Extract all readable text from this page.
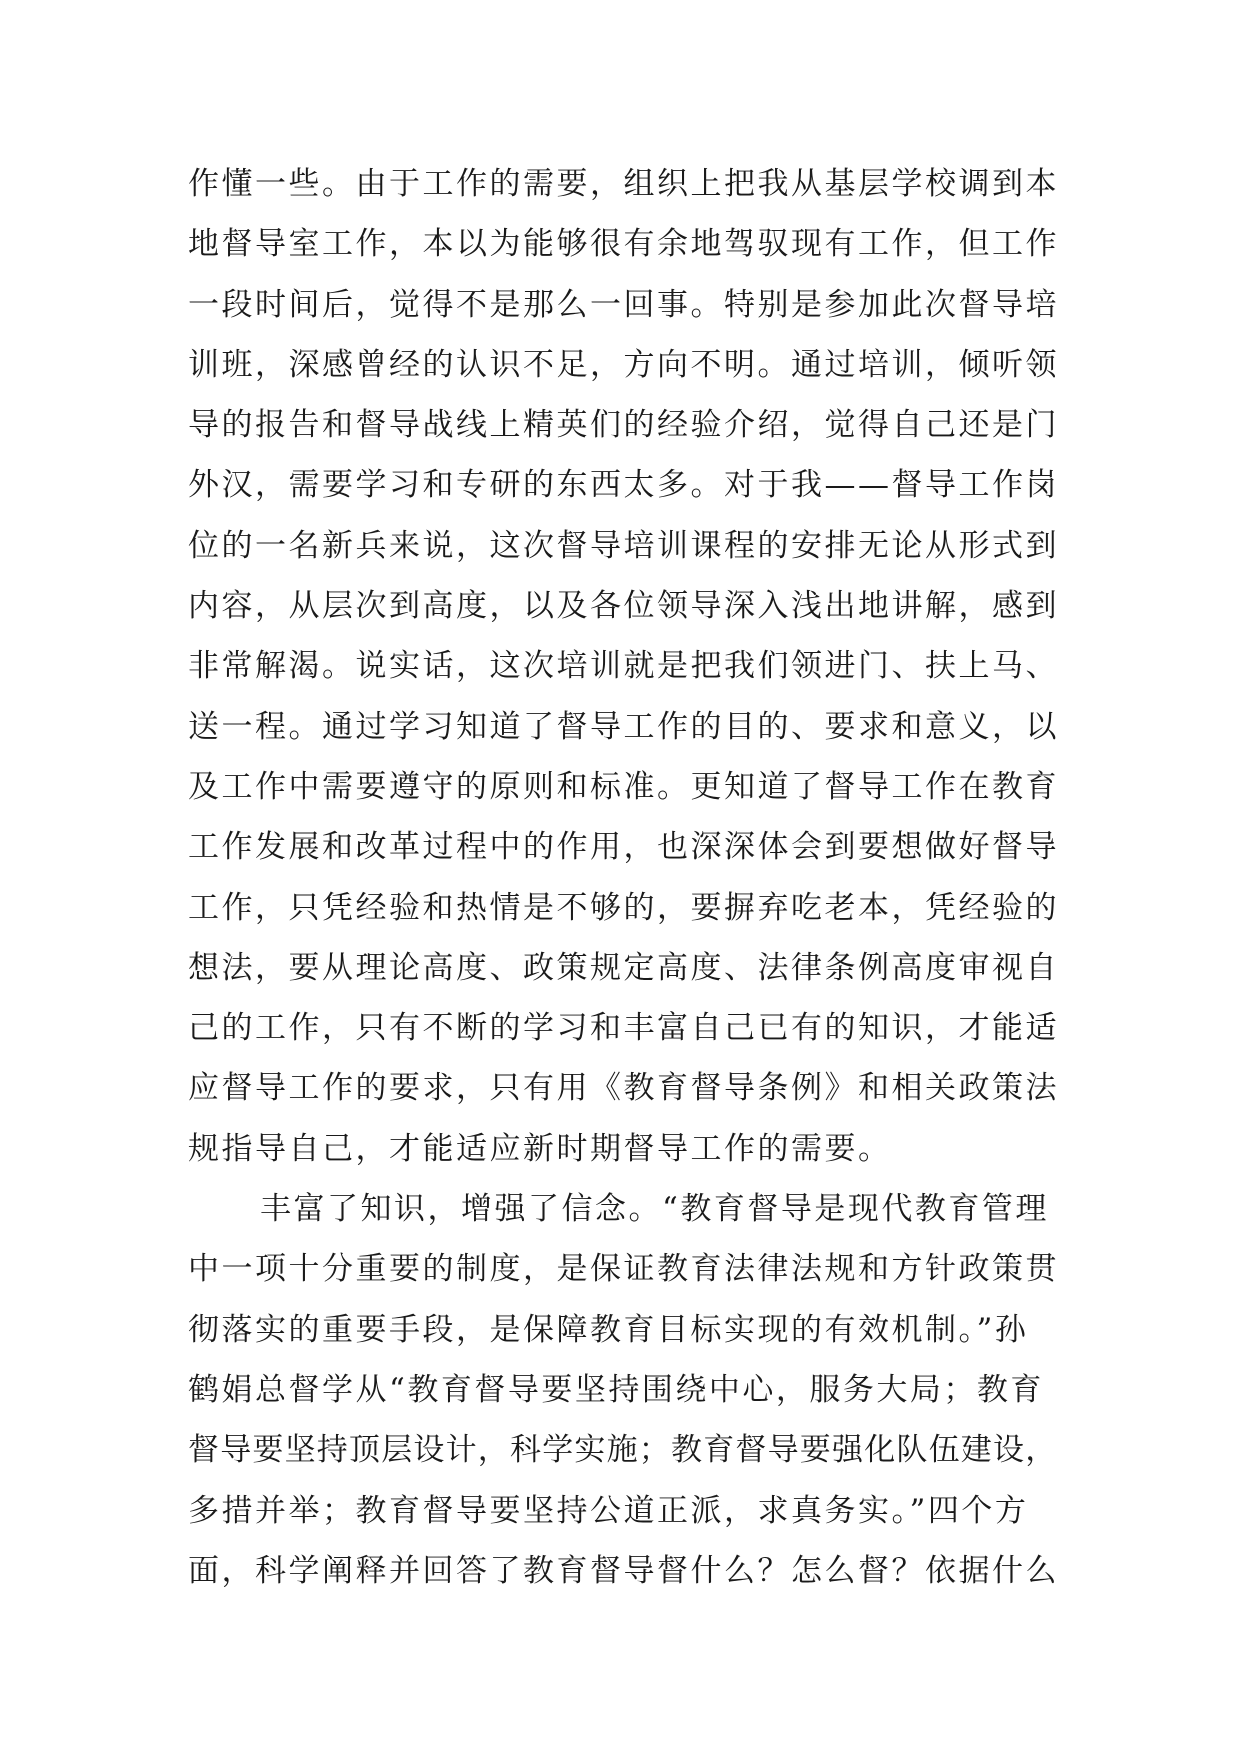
作懂一些。由于工作的需要，组织上把我从基层学校调到本
地督导室工作，本以为能够很有余地驾驭现有工作，但工作
一段时间后，觉得不是那么一回事。特别是参加此次督导培
训班，深感曾经的认识不足，方向不明。通过培训，倾听领
导的报告和督导战线上精英们的经验介绍，觉得自己还是门
外汉，需要学习和专研的东西太多。对于我——督导工作岗
位的一名新兵来说，这次督导培训课程的安排无论从形式到
内容，从层次到高度，以及各位领导深入浅出地讲解，感到
非常解渴。说实话，这次培训就是把我们领进门、扶上马、
送一程。通过学习知道了督导工作的目的、要求和意义，以
及工作中需要遵守的原则和标准。更知道了督导工作在教育
工作发展和改革过程中的作用，也深深体会到要想做好督导
工作，只凭经验和热情是不够的，要摒弃吃老本，凭经验的
想法，要从理论高度、政策规定高度、法律条例高度审视自
己的工作，只有不断的学习和丰富自己已有的知识，才能适
应督导工作的要求，只有用《教育督导条例》和相关政策法
规指导自己，才能适应新时期督导工作的需要。
丰富了知识，增强了信念。“教育督导是现代教育管理
中一项十分重要的制度，是保证教育法律法规和方针政策贯
彻落实的重要手段，是保障教育目标实现的有效机制。”孙
鹤娟总督学从“教育督导要坚持围绕中心，服务大局；教育
督导要坚持顶层设计，科学实施；教育督导要强化队伍建设，
多措并举；教育督导要坚持公道正派，求真务实。”四个方
面，科学阐释并回答了教育督导督什么？怎么督？依据什么
